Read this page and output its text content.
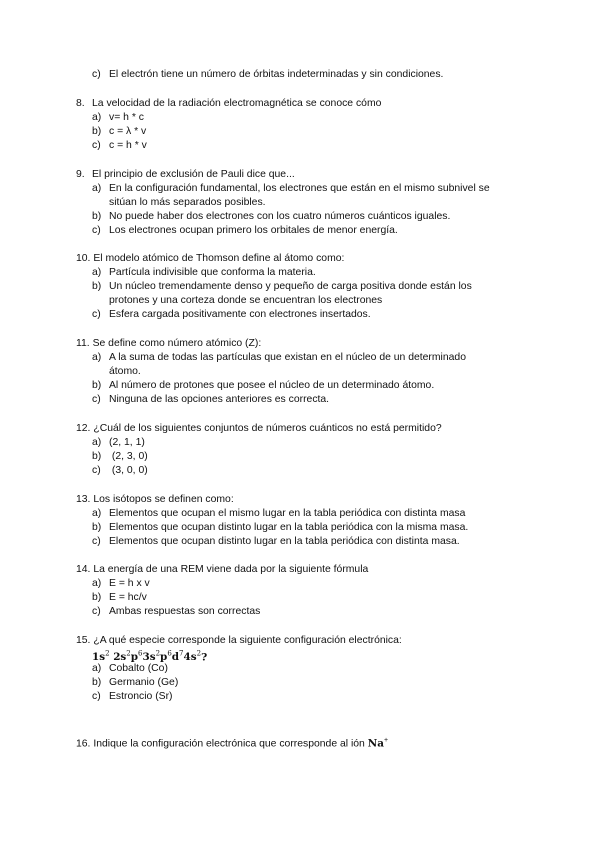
c) El electrón tiene un número de órbitas indeterminadas y sin condiciones.
8. La velocidad de la radiación electromagnética se conoce cómo
a) v= h * c
b) c = λ * v
c) c = h * v
9. El principio de exclusión de Pauli dice que...
a) En la configuración fundamental, los electrones que están en el mismo subnivel se
sitúan lo más separados posibles.
b) No puede haber dos electrones con los cuatro números cuánticos iguales.
c) Los electrones ocupan primero los orbitales de menor energía.
10. El modelo atómico de Thomson define al átomo como:
a) Partícula indivisible que conforma la materia.
b) Un núcleo tremendamente denso y pequeño de carga positiva donde están los
protones y una corteza donde se encuentran los electrones
c) Esfera cargada positivamente con electrones insertados.
11. Se define como número atómico (Z):
a) A la suma de todas las partículas que existan en el núcleo de un determinado
átomo.
b) Al número de protones que posee el núcleo de un determinado átomo.
c) Ninguna de las opciones anteriores es correcta.
12. ¿Cuál de los siguientes conjuntos de números cuánticos no está permitido?
a) (2, 1, 1)
b) (2, 3, 0)
c) (3, 0, 0)
13. Los isótopos se definen como:
a) Elementos que ocupan el mismo lugar en la tabla periódica con distinta masa
b) Elementos que ocupan distinto lugar en la tabla periódica con la misma masa.
c) Elementos que ocupan distinto lugar en la tabla periódica con distinta masa.
14. La energía de una REM viene dada por la siguiente fórmula
a) E = h x v
b) E = hc/v
c) Ambas respuestas son correctas
15. ¿A qué especie corresponde la siguiente configuración electrónica:
$1s^2$ $2s^2p^63s^2p^6d^74s^2$?
a) Cobalto (Co)
b) Germanio (Ge)
c) Estroncio (Sr)
16. Indique la configuración electrónica que corresponde al ión Na+
